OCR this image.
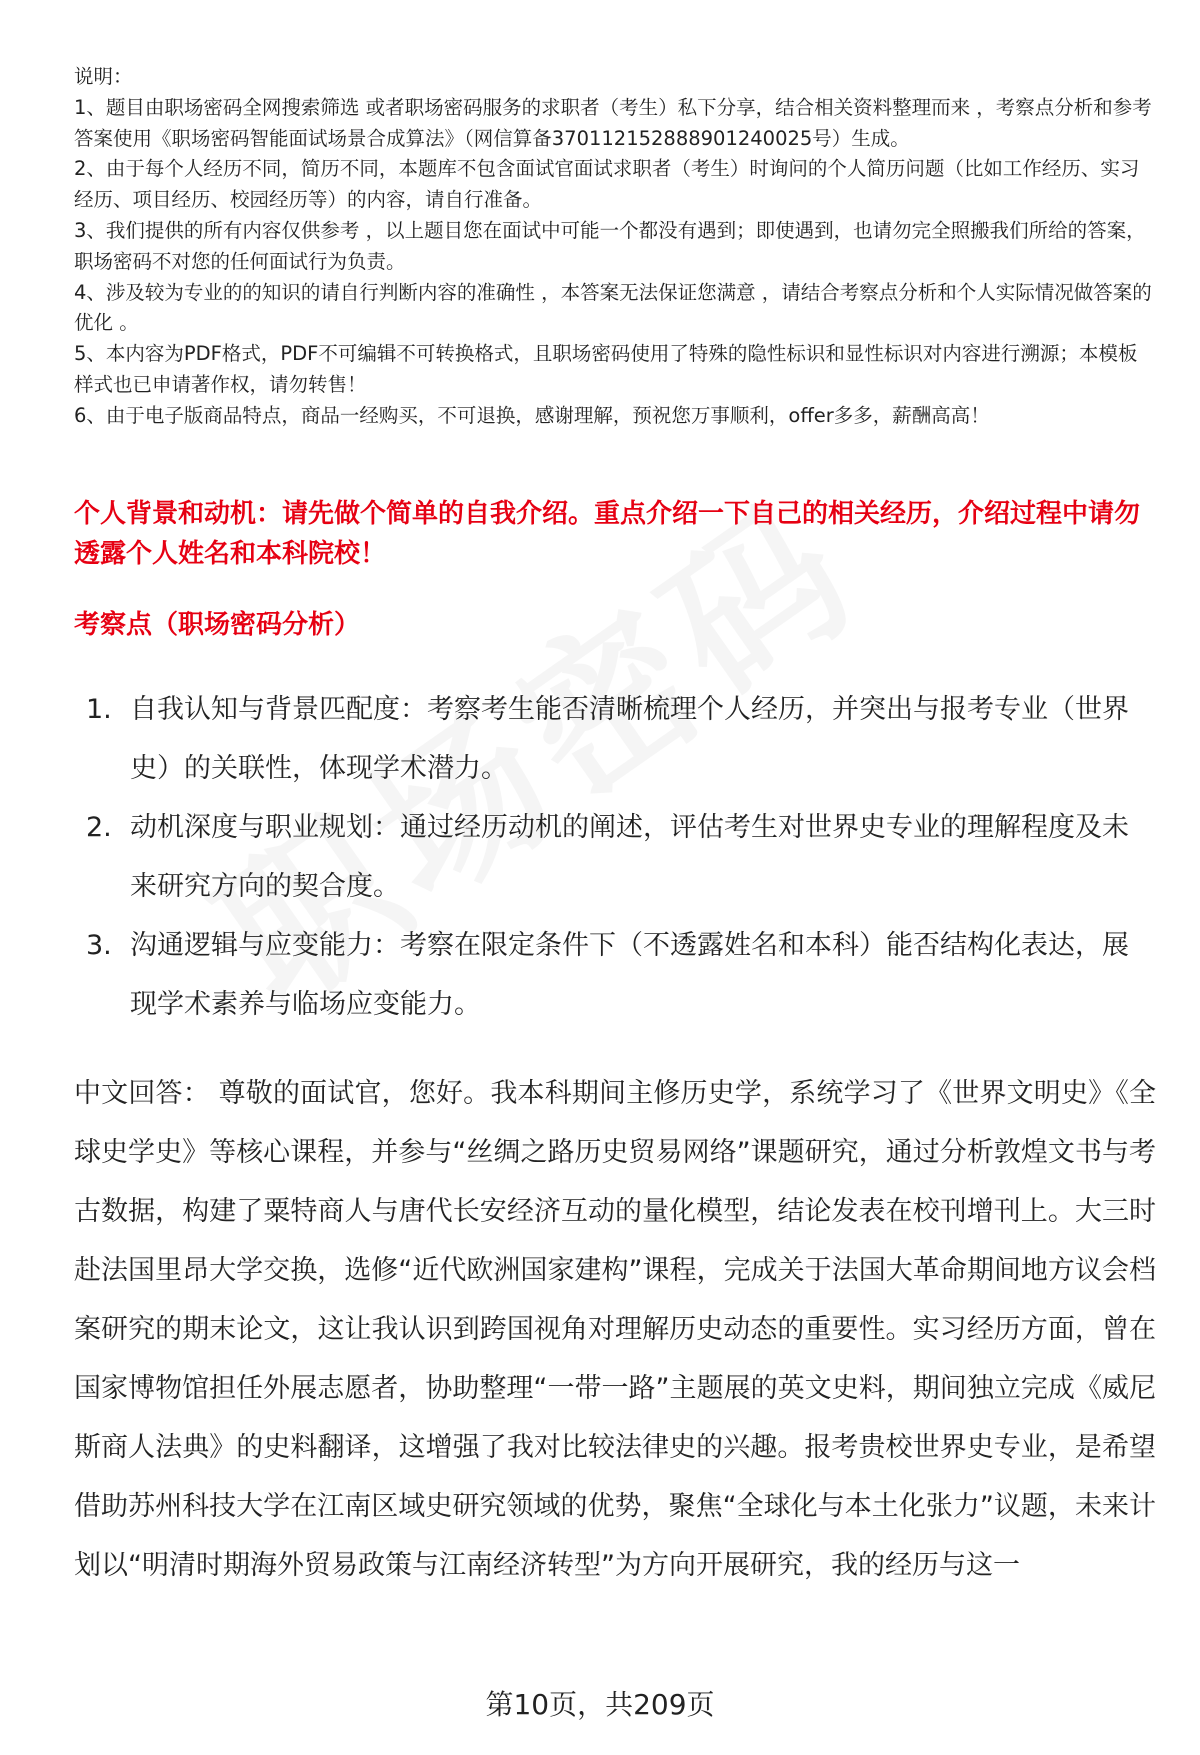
说明：

1、题目由职场密码全网搜索筛选 或者职场密码服务的求职者（考生）私下分享，结合相关资料整理而来 ，考察点分析和参考答案使用《职场密码智能面试场景合成算法》（网信算备370112152888901240025号）生成。

2、由于每个人经历不同，简历不同，本题库不包含面试官面试求职者（考生）时询问的个人简历问题（比如工作经历、实习经历、项目经历、校园经历等）的内容，请自行准备。

3、我们提供的所有内容仅供参考 ，以上题目您在面试中可能一个都没有遇到；即使遇到，也请勿完全照搬我们所给的答案，职场密码不对您的任何面试行为负责。

4、涉及较为专业的的知识的请自行判断内容的准确性 ，本答案无法保证您满意 ，请结合考察点分析和个人实际情况做答案的优化 。

5、本内容为PDF格式，PDF不可编辑不可转换格式，且职场密码使用了特殊的隐性标识和显性标识对内容进行溯源；本模板样式也已申请著作权，请勿转售！

6、由于电子版商品特点，商品一经购买，不可退换，感谢理解，预祝您万事顺利，offer多多，薪酬高高！

个人背景和动机：请先做个简单的自我介绍。重点介绍一下自己的相关经历，介绍过程中请勿透露个人姓名和本科院校！
考察点（职场密码分析）
1. 自我认知与背景匹配度：考察考生能否清晰梳理个人经历，并突出与报考专业（世界史）的关联性，体现学术潜力。
2. 动机深度与职业规划：通过经历动机的阐述，评估考生对世界史专业的理解程度及未来研究方向的契合度。
3. 沟通逻辑与应变能力：考察在限定条件下（不透露姓名和本科）能否结构化表达，展现学术素养与临场应变能力。

中文回答： 尊敬的面试官，您好。我本科期间主修历史学，系统学习了《世界文明史》《全球史学史》等核心课程，并参与“丝绸之路历史贸易网络”课题研究，通过分析敦煌文书与考古数据，构建了粟特商人与唐代长安经济互动的量化模型，结论发表在校刊增刊上。大三时赴法国里昂大学交换，选修“近代欧洲国家建构”课程，完成关于法国大革命期间地方议会档案研究的期末论文，这让我认识到跨国视角对理解历史动态的重要性。实习经历方面，曾在国家博物馆担任外展志愿者，协助整理“一带一路”主题展的英文史料，期间独立完成《威尼斯商人法典》的史料翻译，这增强了我对比较法律史的兴趣。报考贵校世界史专业，是希望借助苏州科技大学在江南区域史研究领域的优势，聚焦“全球化与本土化张力”议题，未来计划以“明清时期海外贸易政策与江南经济转型”为方向开展研究，我的经历与这一

第10页，共209页
